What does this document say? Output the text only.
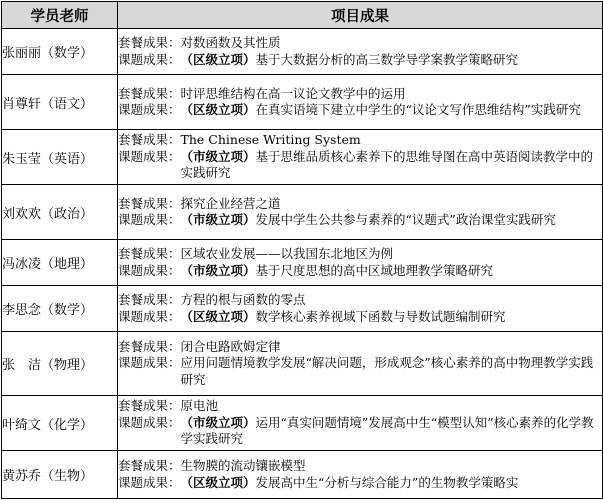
学员老师	项目成果
张丽丽（数学）	套餐成果： 对数函数及其性质
课题成果： （区级立项）基于大数据分析的高三数学导学案教学策略研究

肖尊轩（语文）	套餐成果： 时评思维结构在高一议论文教学中的运用
课题成果： （区级立项）在真实语境下建立中学生的“议论文写作思维结构”实践研究

朱玉莹（英语）	套餐成果： The Chinese Writing System
课题成果： （市级立项）基于思维品质核心素养下的思维导图在高中英语阅读教学中的实践研究

刘欢欢（政治）	套餐成果： 探究企业经营之道
课题成果： （市级立项）发展中学生公共参与素养的“议题式”政治课堂实践研究

冯冰凌（地理）	套餐成果： 区域农业发展——以我国东北地区为例
课题成果： （市级立项）基于尺度思想的高中区域地理教学策略研究

李思念（数学）	套餐成果： 方程的根与函数的零点
课题成果： （区级立项）数学核心素养视域下函数与导数试题编制研究

张　洁（物理）	套餐成果： 闭合电路欧姆定律
课题成果： 应用问题情境教学发展“解决问题，形成观念”核心素养的高中物理教学实践研究

叶绮文（化学）	套餐成果： 原电池
课题成果： （市级立项）运用“真实问题情境”发展高中生“模型认知”核心素养的化学教学实践研究

黄苏乔（生物）	套餐成果： 生物膜的流动镶嵌模型
课题成果： （区级立项）发展高中生“分析与综合能力”的生物教学策略实
